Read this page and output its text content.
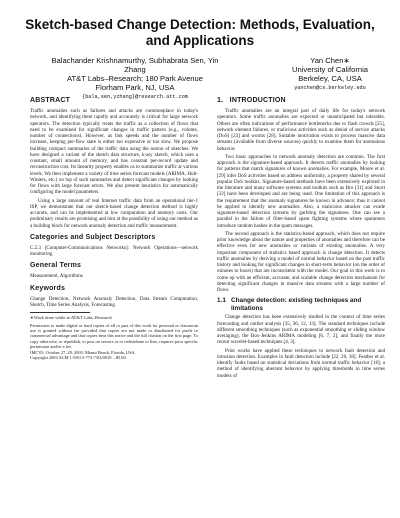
Sketch-based Change Detection: Methods, Evaluation, and Applications
Balachander Krishnamurthy, Subhabrata Sen, Yin Zhang
AT&T Labs–Research; 180 Park Avenue
Florham Park, NJ, USA
{bala,sen,yzhang}@research.att.com
Yan Chen∗
University of California
Berkeley, CA, USA
yanchen@cs.berkeley.edu
ABSTRACT

Traffic anomalies such as failures and attacks are commonplace in today's network, and identifying them rapidly and accurately is critical for large network operators. The detection typically treats the traffic as a collection of flows that need to be examined for significant changes in traffic pattern (e.g., volume, number of connections). However, as link speeds and the number of flows increase, keeping per-flow state is either too expensive or too slow. We propose building compact summaries of the traffic data using the notion of sketches. We have designed a variant of the sketch data structure, k-ary sketch, which uses a constant, small amount of memory, and has constant per-record update and reconstruction cost. Its linearity property enables us to summarize traffic at various levels. We then implement a variety of time series forecast models (ARIMA, Holt-Winters, etc.) on top of such summaries and detect significant changes by looking for flows with large forecast errors. We also present heuristics for automatically configuring the model parameters.

Using a large amount of real Internet traffic data from an operational tier-1 ISP, we demonstrate that our sketch-based change detection method is highly accurate, and can be implemented at low computation and memory costs. Our preliminary results are promising and hint at the possibility of using our method as a building block for network anomaly detection and traffic measurement.

Categories and Subject Descriptors

C.2.3 [Computer-Communications Networks]: Network Operations—network monitoring

General Terms

Measurement, Algorithms

Keywords

Change Detection, Network Anomaly Detection, Data Stream Computation, Sketch, Time Series Analysis, Forecasting

∗Work done while at AT&T Labs–Research
Permission to make digital or hard copies of all or part of this work for personal or classroom use is granted without fee provided that copies are not made or distributed for profit or commercial advantage and that copies bear this notice and the full citation on the first page. To copy otherwise, to republish, to post on servers or to redistribute to lists, requires prior specific permission and/or a fee.
IMC'03, October 27–29, 2003, Miami Beach, Florida, USA.
Copyright 2003 ACM 1-58113-773-7/03/0010 ...$5.00.
1.   INTRODUCTION

Traffic anomalies are an integral part of daily life for today's network operators. Some traffic anomalies are expected or unanticipated but tolerable. Others are often indications of performance bottlenecks due to flash crowds [25], network element failures, or malicious activities such as denial of service attacks (DoS) [23] and worms [28]. Suitable motivation exists to process massive data streams (available from diverse sources) quickly to examine them for anomalous behavior.

Two basic approaches to network anomaly detection are common. The first approach is the signature-based approach. It detects traffic anomalies by looking for patterns that match signatures of known anomalies. For example, Moore et al. [29] infer DoS activities based on address uniformity, a property shared by several popular DoS toolkits. Signature-based methods have been extensively explored in the literature and many software systems and toolkits such as Bro [31] and Snort [32] have been developed and are being used. One limitation of this approach is the requirement that the anomaly signatures be known in advance; thus it cannot be applied to identify new anomalies. Also, a malicious attacker can evade signature-based detection systems by garbling the signatures. One can see a parallel in the failure of filter-based spam fighting systems where spammers introduce random hashes in the spam messages.

The second approach is the statistics-based approach, which does not require prior knowledge about the nature and properties of anomalies and therefore can be effective even for new anomalies or variants of existing anomalies. A very important component of statistics based approach is change detection. It detects traffic anomalies by deriving a model of normal behavior based on the past traffic history and looking for significant changes in short-term behavior (on the order of minutes to hours) that are inconsistent with the model. Our goal in this work is to come up with an efficient, accurate, and scalable change detection mechanism for detecting significant changes in massive data streams with a large number of flows.

1.1 Change detection: existing techniques and limitations

Change detection has been extensively studied in the context of time series forecasting and outlier analysis [35, 36, 12, 13]. The standard techniques include different smoothing techniques (such as exponential smoothing or sliding window averaging), the Box-Jenkins ARIMA modeling [6, 7, 2], and finally the more recent wavelet-based techniques [4, 3].

Prior works have applied these techniques to network fault detection and intrusion detection. Examples in fault detection include [22, 26, 38]. Feather et al. identify faults based on statistical deviations from normal traffic behavior [18]; a method of identifying aberrant behavior by applying thresholds in time series models of
